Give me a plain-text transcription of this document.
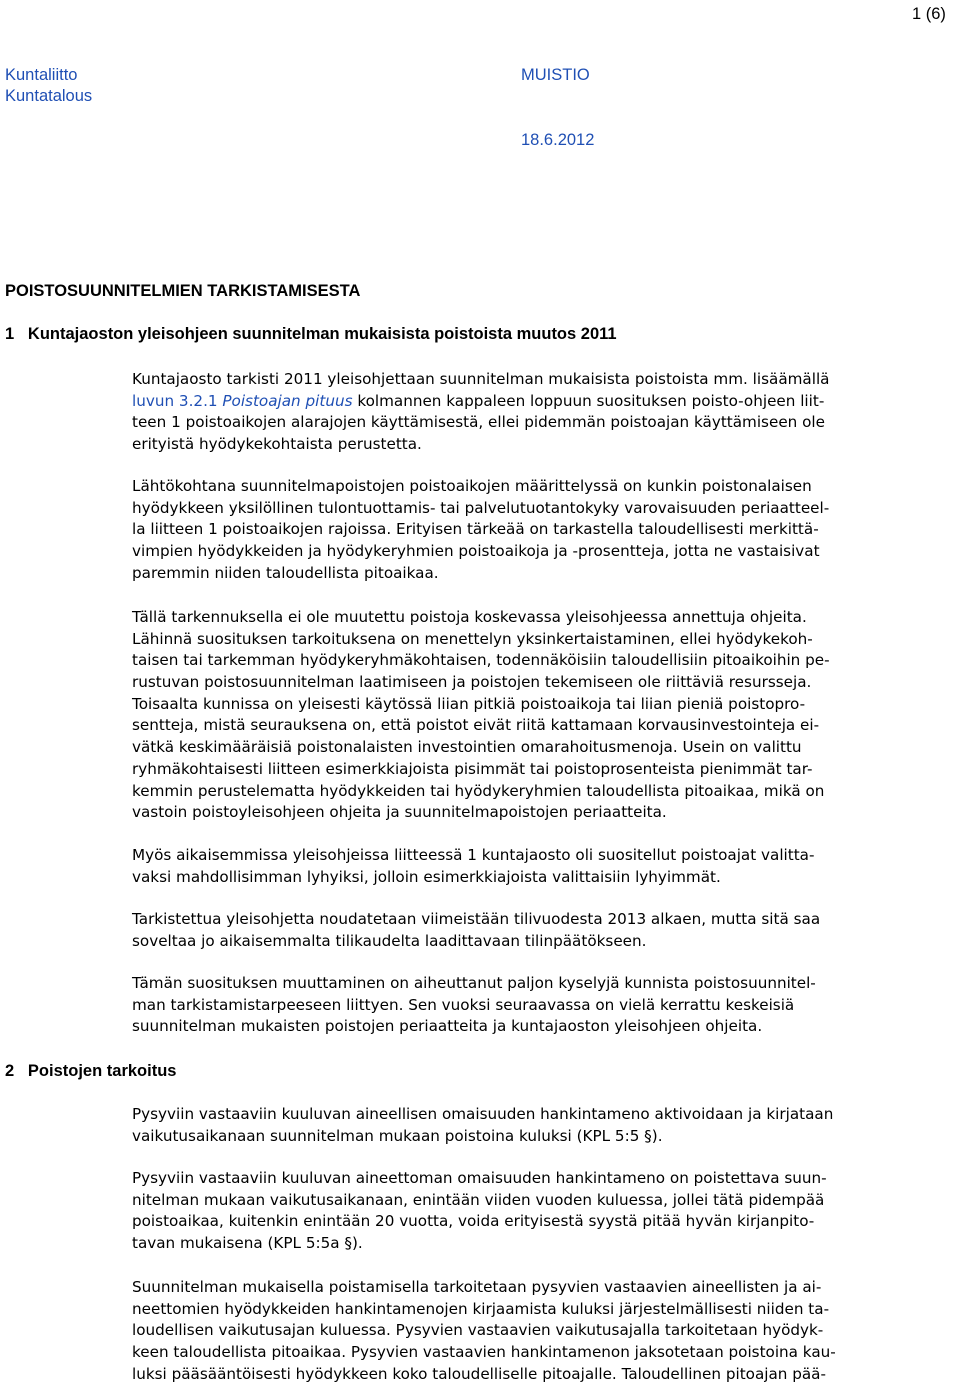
1 (6)
Kuntaliitto
Kuntatalous
MUISTIO
18.6.2012
POISTOSUUNNITELMIEN TARKISTAMISESTA
1   Kuntajaoston yleisohjeen suunnitelman mukaisista poistoista muutos 2011
Kuntajaosto tarkisti 2011 yleisohjettaan suunnitelman mukaisista poistoista mm. lisäämällä
luvun 3.2.1 Poistoajan pituus kolmannen kappaleen loppuun suosituksen poisto-ohjeen liit-
teen 1 poistoaikojen alarajojen käyttämisestä, ellei pidemmän poistoajan käyttämiseen ole
erityistä hyödykekohtaista perustetta.
Lähtökohtana suunnitelmapoistojen poistoaikojen määrittelyssä on kunkin poistonalaisen
hyödykkeen yksilöllinen tulontuottamis- tai palvelutuotantokyky varovaisuuden periaatteel-
la liitteen 1 poistoaikojen rajoissa. Erityisen tärkeää on tarkastella taloudellisesti merkittä-
vimpien hyödykkeiden ja hyödykeryhmien poistoaikoja ja -prosentteja, jotta ne vastaisivat
paremmin niiden taloudellista pitoaikaa.
Tällä tarkennuksella ei ole muutettu poistoja koskevassa yleisohjeessa annettuja ohjeita.
Lähinnä suosituksen tarkoituksena on menettelyn yksinkertaistaminen, ellei hyödykekoh-
taisen tai tarkemman hyödykeryhmäkohtaisen, todennäköisiin taloudellisiin pitoaikoihin pe-
rustuvan poistosuunnitelman laatimiseen ja poistojen tekemiseen ole riittäviä resursseja.
Toisaalta kunnissa on yleisesti käytössä liian pitkiä poistoaikoja tai liian pieniä poistopro-
sentteja, mistä seurauksena on, että poistot eivät riitä kattamaan korvausinvestointeja ei-
vätkä keskimääräisiä poistonalaisten investointien omarahoitusmenoja. Usein on valittu
ryhmäkohtaisesti liitteen esimerkkiajoista pisimmät tai poistoprosenteista pienimmät tar-
kemmin perustelematta hyödykkeiden tai hyödykeryhmien taloudellista pitoaikaa, mikä on
vastoin poistoyleisohjeen ohjeita ja suunnitelmapoistojen periaatteita.
Myös aikaisemmissa yleisohjeissa liitteessä 1 kuntajaosto oli suositellut poistoajat valitta-
vaksi mahdollisimman lyhyiksi, jolloin esimerkkiajoista valittaisiin lyhyimmät.
Tarkistettua yleisohjetta noudatetaan viimeistään tilivuodesta 2013 alkaen, mutta sitä saa
soveltaa jo aikaisemmalta tilikaudelta laadittavaan tilinpäätökseen.
Tämän suosituksen muuttaminen on aiheuttanut paljon kyselyjä kunnista poistosuunnitel-
man tarkistamistarpeeseen liittyen. Sen vuoksi seuraavassa on vielä kerrattu keskeisiä
suunnitelman mukaisten poistojen periaatteita ja kuntajaoston yleisohjeen ohjeita.
2   Poistojen tarkoitus
Pysyviin vastaaviin kuuluvan aineellisen omaisuuden hankintameno aktivoidaan ja kirjataan
vaikutusaikanaan suunnitelman mukaan poistoina kuluksi (KPL 5:5 §).
Pysyviin vastaaviin kuuluvan aineettoman omaisuuden hankintameno on poistettava suun-
nitelman mukaan vaikutusaikanaan, enintään viiden vuoden kuluessa, jollei tätä pidempää
poistoaikaa, kuitenkin enintään 20 vuotta, voida erityisestä syystä pitää hyvän kirjanpito-
tavan mukaisena (KPL 5:5a §).
Suunnitelman mukaisella poistamisella tarkoitetaan pysyvien vastaavien aineellisten ja ai-
neettomien hyödykkeiden hankintamenojen kirjaamista kuluksi järjestelmällisesti niiden ta-
loudellisen vaikutusajan kuluessa. Pysyvien vastaavien vaikutusajalla tarkoitetaan hyödyk-
keen taloudellista pitoaikaa. Pysyvien vastaavien hankintamenon jaksotetaan poistoina kau-
luksi pääsääntöisesti hyödykkeen koko taloudelliselle pitoajalle. Taloudellinen pitoajan pää-
